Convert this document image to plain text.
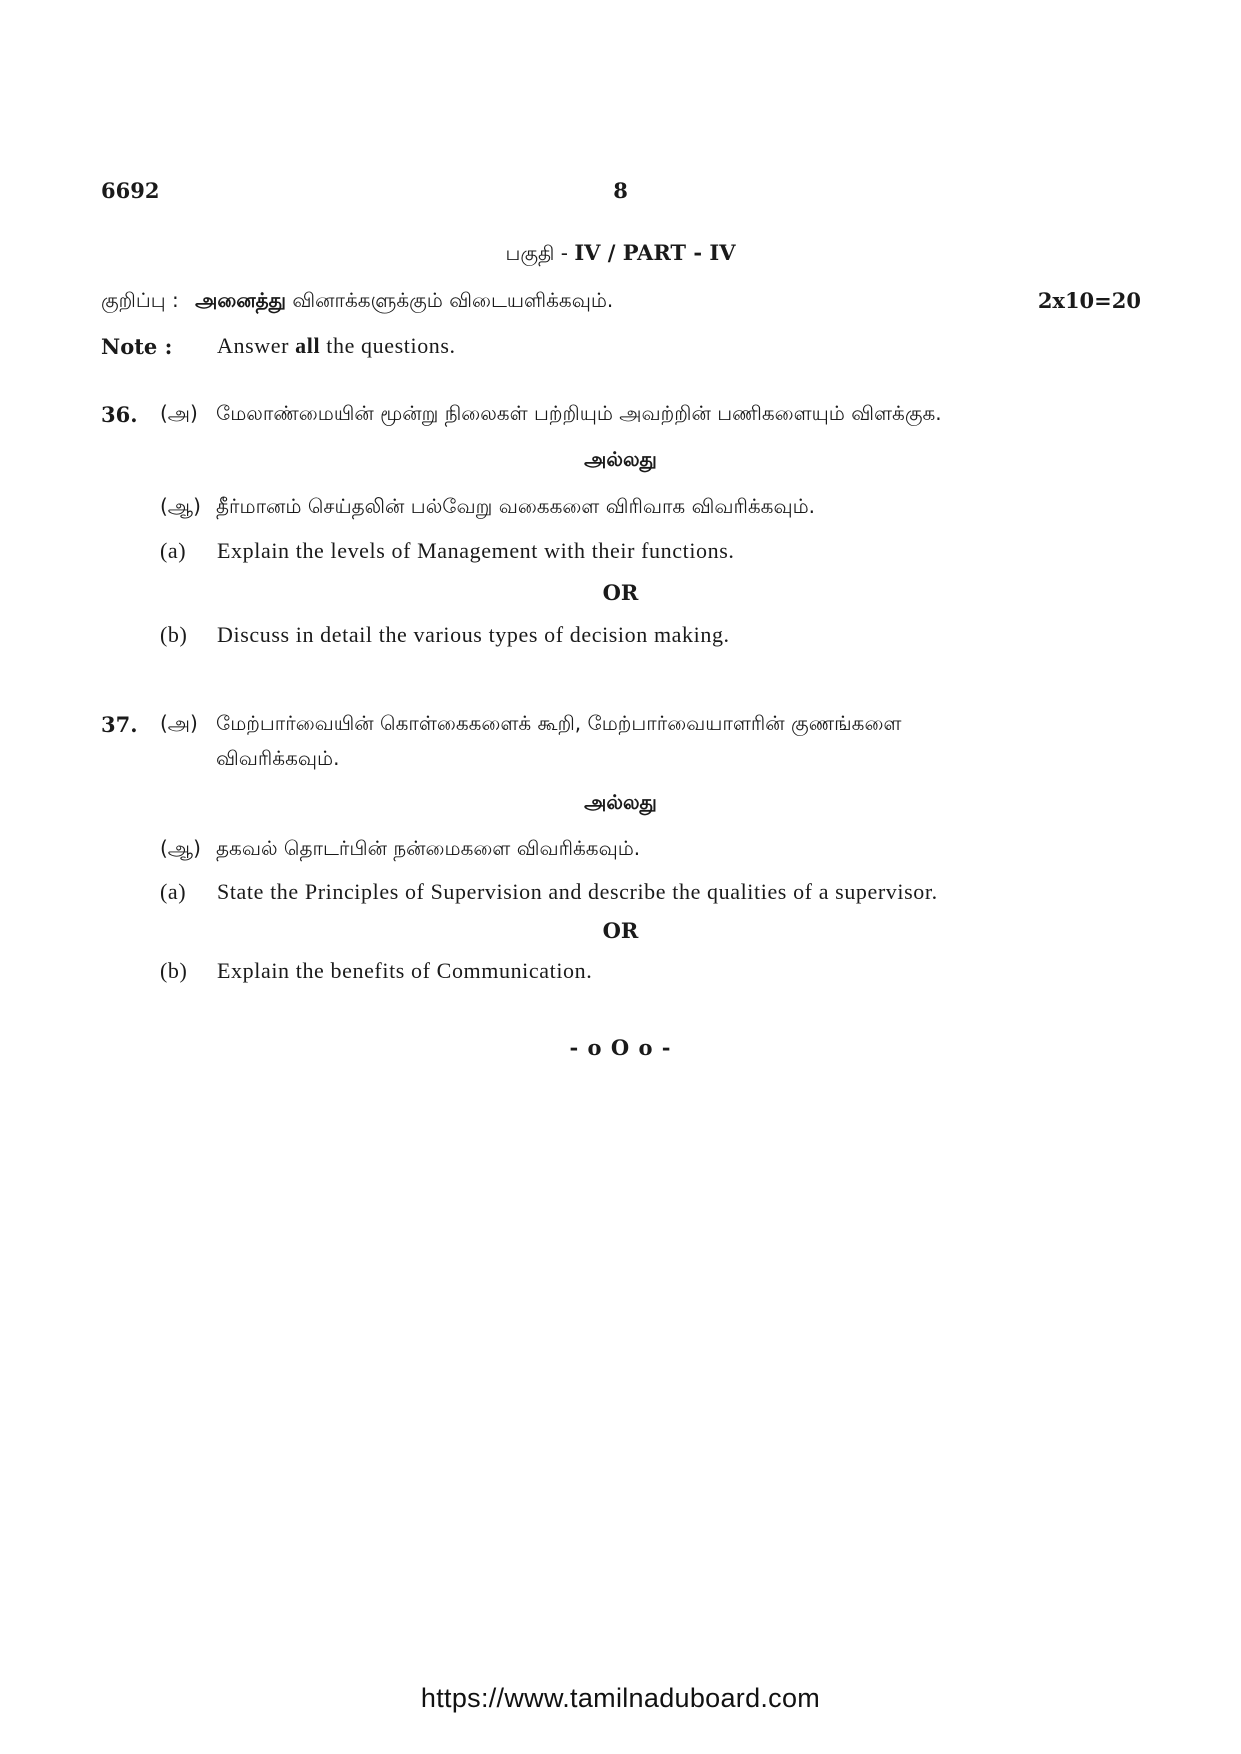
6692	8
பகுதி - IV / PART - IV
குறிப்பு : அனைத்து வினாக்களுக்கும் விடையளிக்கவும்.	2x10=20
Note : Answer all the questions.
36. (அ) மேலாண்மையின் மூன்று நிலைகள் பற்றியும் அவற்றின் பணிகளையும் விளக்குக.
அல்லது
(ஆ) தீர்மானம் செய்தலின் பல்வேறு வகைகளை விரிவாக விவரிக்கவும்.
(a) Explain the levels of Management with their functions.
OR
(b) Discuss in detail the various types of decision making.
37. (அ) மேற்பார்வையின் கொள்கைகளைக் கூறி, மேற்பார்வையாளரின் குணங்களை
விவரிக்கவும்.
அல்லது
(ஆ) தகவல் தொடர்பின் நன்மைகளை விவரிக்கவும்.
(a) State the Principles of Supervision and describe the qualities of a supervisor.
OR
(b) Explain the benefits of Communication.
- o O o -
https://www.tamilnaduboard.com
